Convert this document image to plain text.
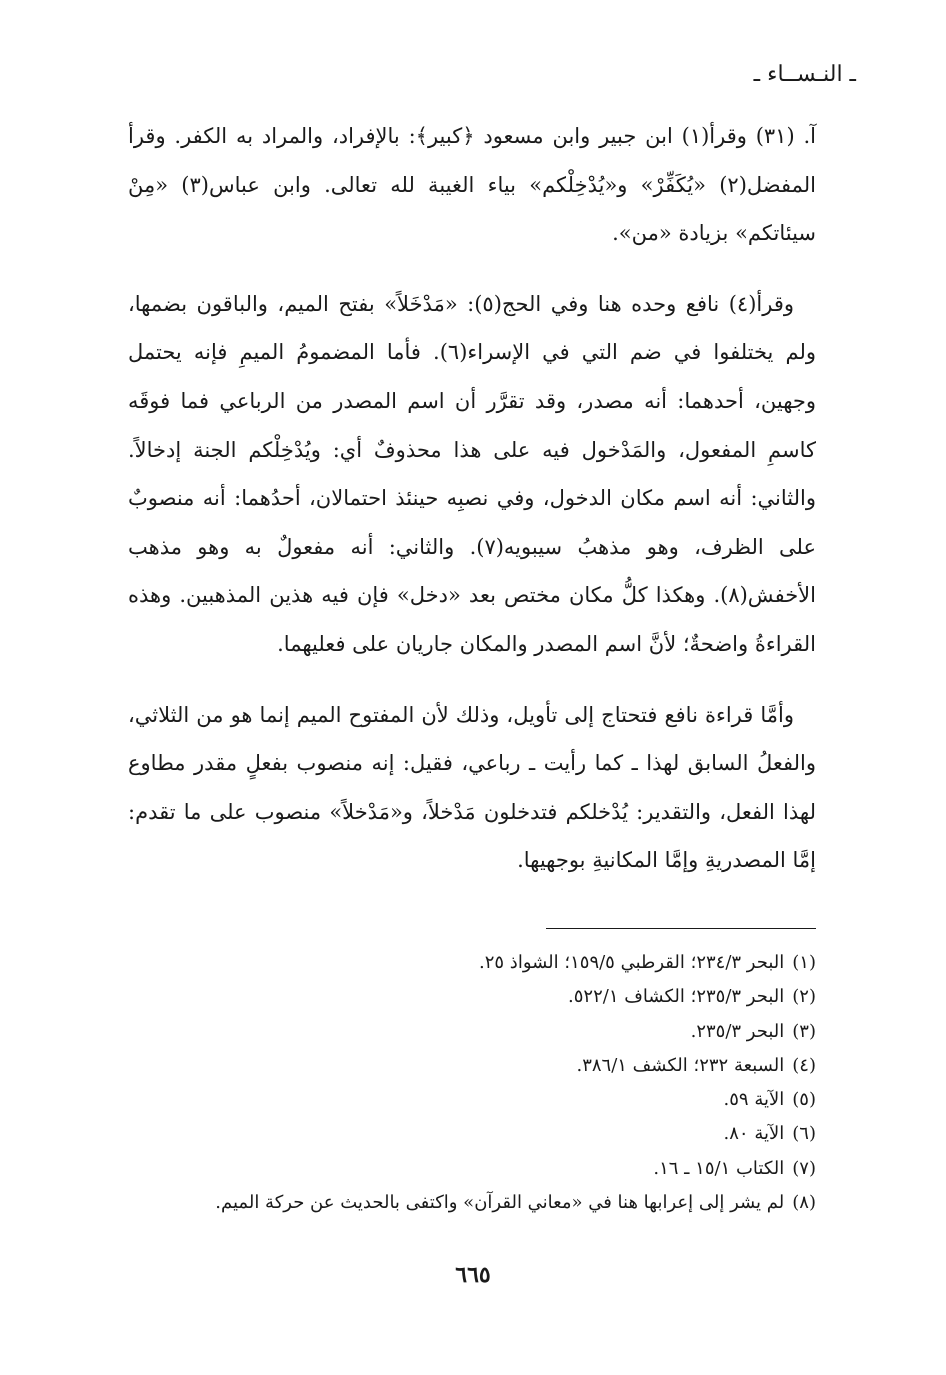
ـ النـســاء ـ

آ. (٣١) وقرأ(١) ابن جبير وابن مسعود ﴿كبير﴾: بالإفراد، والمراد به الكفر. وقرأ المفضل(٢) «يُكَفِّرْ» و«يُدْخِلْكم» بياء الغيبة لله تعالى. وابن عباس(٣) «مِنْ سيئاتكم» بزيادة «من».

وقرأ(٤) نافع وحده هنا وفي الحج(٥): «مَدْخَلاً» بفتح الميم، والباقون بضمها، ولم يختلفوا في ضم التي في الإسراء(٦). فأما المضمومُ الميمِ فإنه يحتمل وجهين، أحدهما: أنه مصدر، وقد تقرَّر أن اسم المصدر من الرباعي فما فوقَه كاسمِ المفعول، والمَدْخول فيه على هذا محذوفٌ أي: ويُدْخِلْكم الجنة إدخالاً. والثاني: أنه اسم مكان الدخول، وفي نصبِه حينئذ احتمالان، أحدُهما: أنه منصوبٌ على الظرف، وهو مذهبُ سيبويه(٧). والثاني: أنه مفعولٌ به وهو مذهب الأخفش(٨). وهكذا كلُّ مكان مختص بعد «دخل» فإن فيه هذين المذهبين. وهذه القراءةُ واضحةٌ؛ لأنَّ اسم المصدر والمكان جاريان على فعليهما.

وأمَّا قراءة نافع فتحتاج إلى تأويل، وذلك لأن المفتوح الميم إنما هو من الثلاثي، والفعلُ السابق لهذا ـ كما رأيت ـ رباعي، فقيل: إنه منصوب بفعلٍ مقدر مطاوع لهذا الفعل، والتقدير: يُدْخلكم فتدخلون مَدْخلاً، و«مَدْخلاً» منصوب على ما تقدم: إمَّا المصدريةِ وإمَّا المكانيةِ بوجهيها.

(١)البحر ٢٣٤/٣؛ القرطبي ١٥٩/٥؛ الشواذ ٢٥.
(٢)البحر ٢٣٥/٣؛ الكشاف ٥٢٢/١.
(٣)البحر ٢٣٥/٣.
(٤)السبعة ٢٣٢؛ الكشف ٣٨٦/١.
(٥)الآية ٥٩.
(٦)الآية ٨٠.
(٧)الكتاب ١٥/١ ـ ١٦.
(٨)لم يشر إلى إعرابها هنا في «معاني القرآن» واكتفى بالحديث عن حركة الميم.
٦٦٥
